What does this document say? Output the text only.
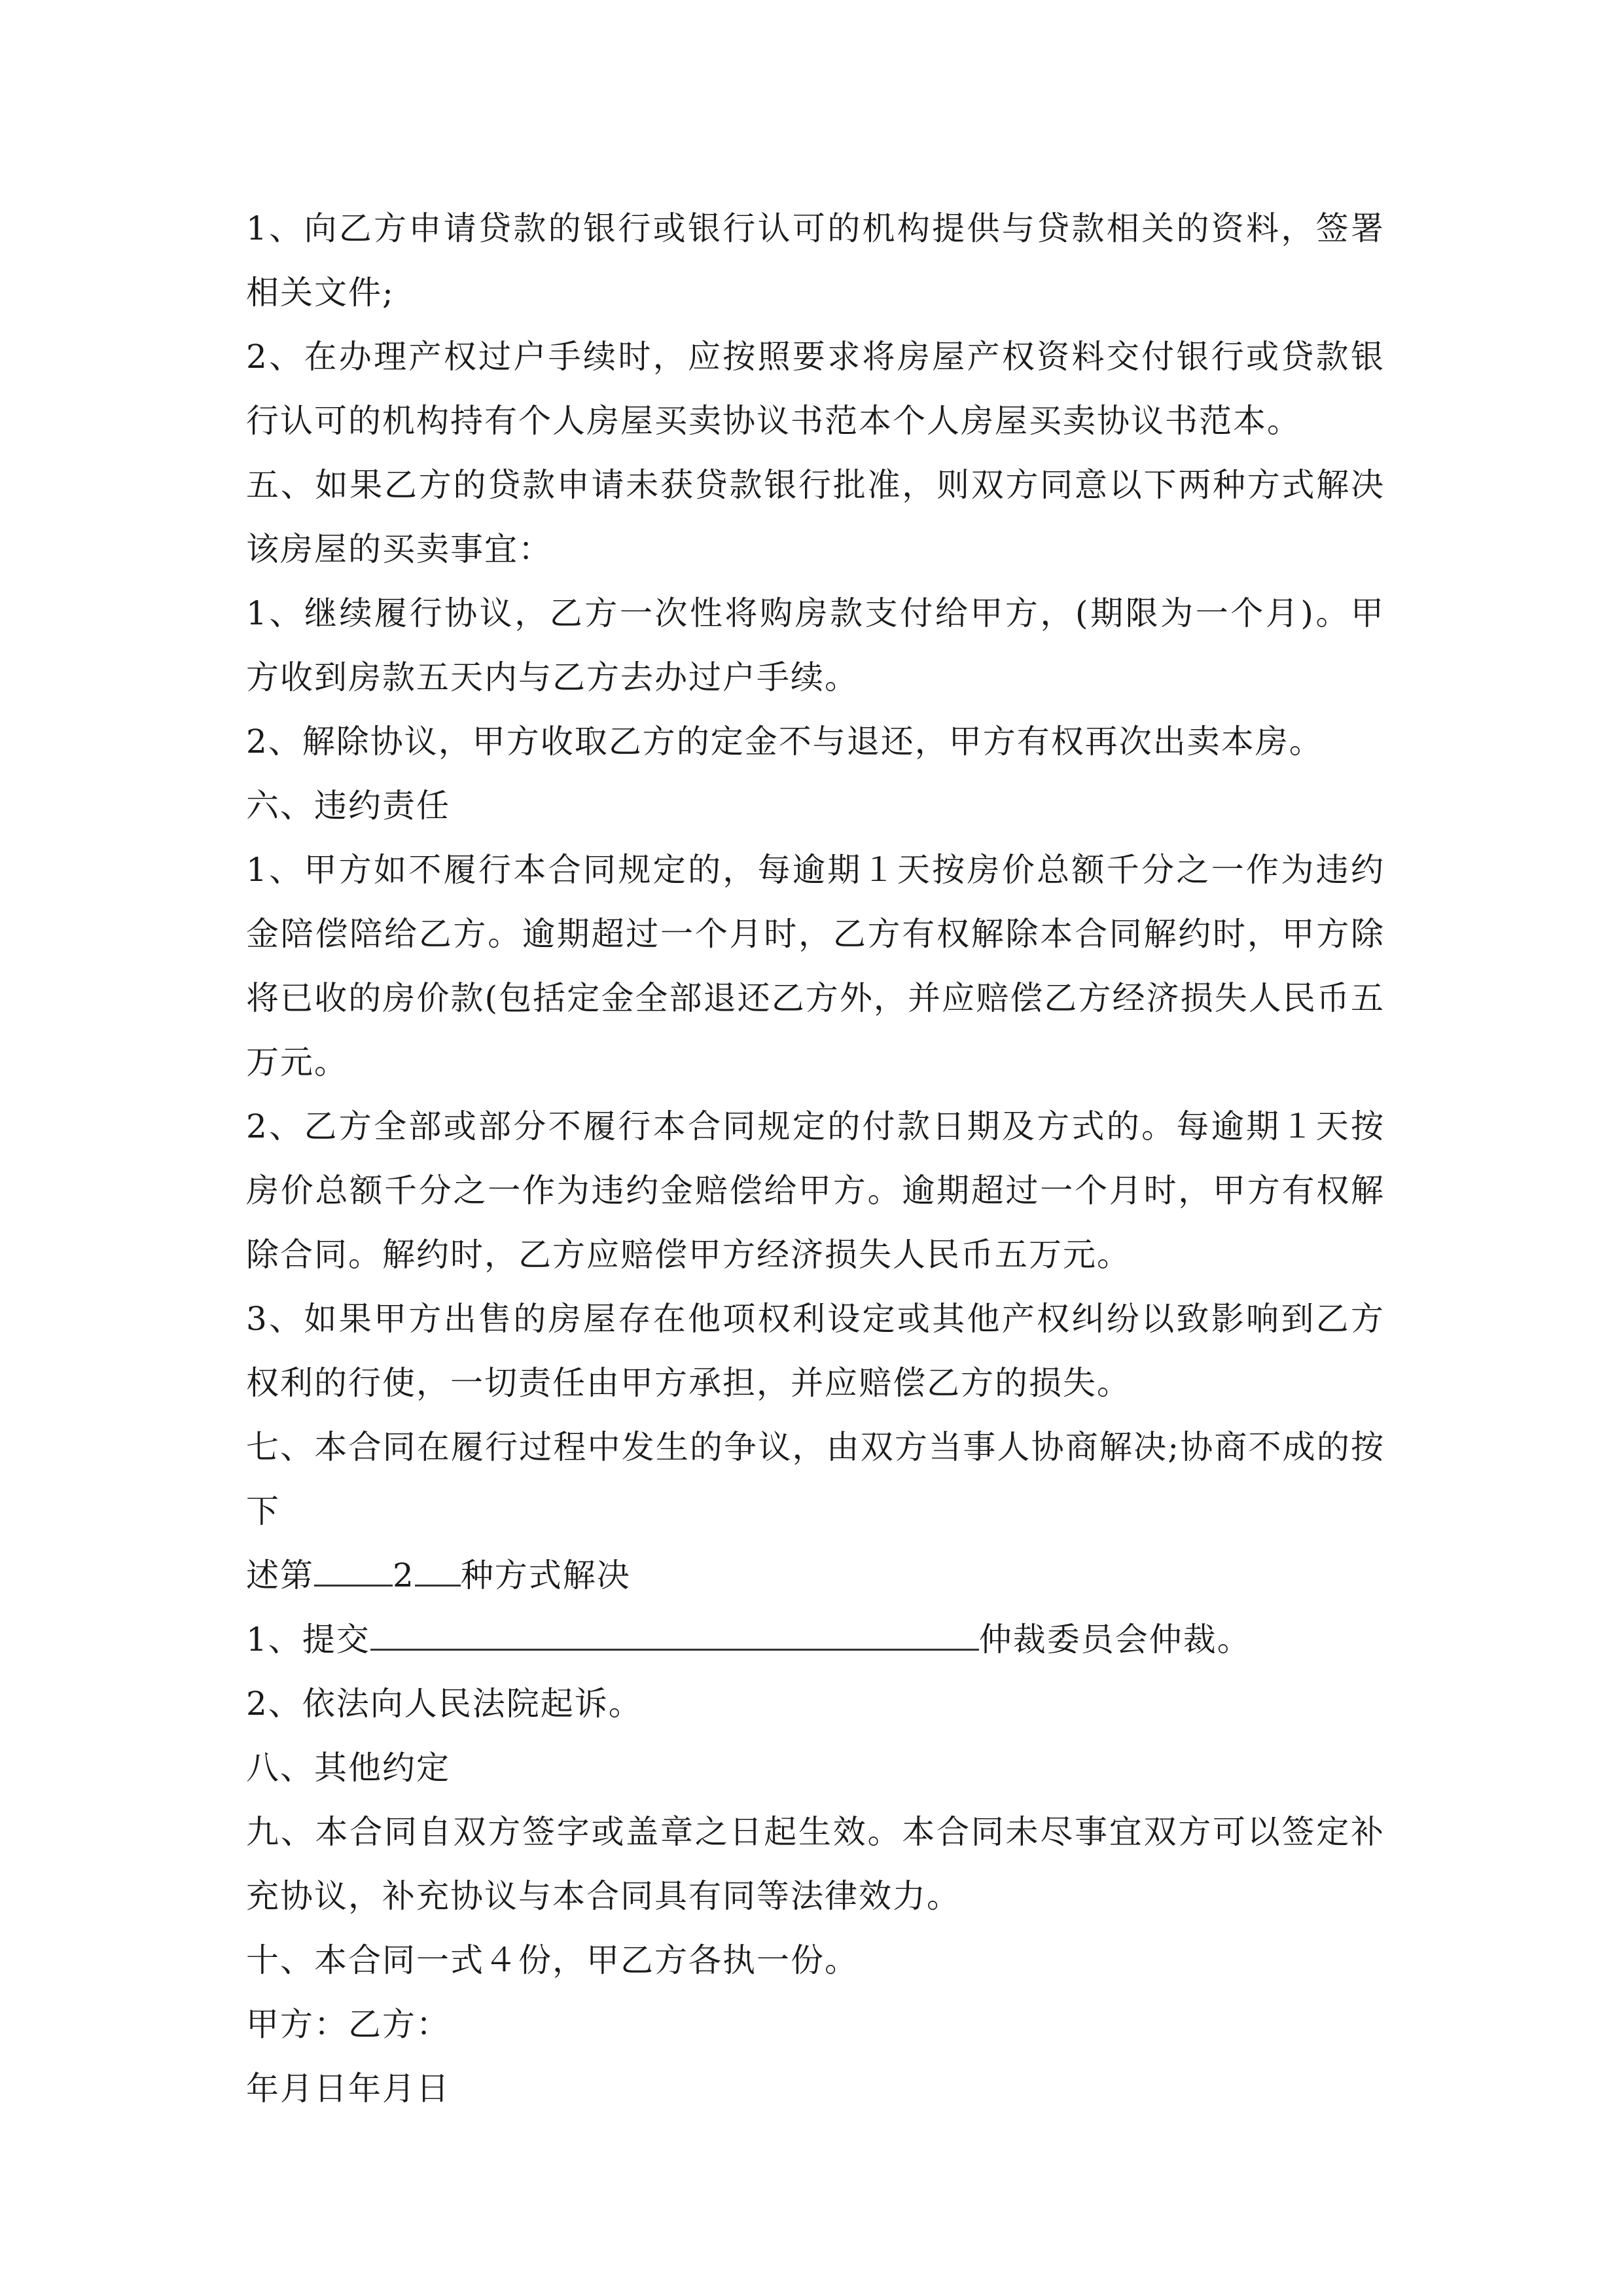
1、向乙方申请贷款的银行或银行认可的机构提供与贷款相关的资料，签署相关文件;

2、在办理产权过户手续时，应按照要求将房屋产权资料交付银行或贷款银行认可的机构持有个人房屋买卖协议书范本个人房屋买卖协议书范本。

五、如果乙方的贷款申请未获贷款银行批准，则双方同意以下两种方式解决该房屋的买卖事宜：

1、继续履行协议，乙方一次性将购房款支付给甲方，(期限为一个月)。甲方收到房款五天内与乙方去办过户手续。

2、解除协议，甲方收取乙方的定金不与退还，甲方有权再次出卖本房。

六、违约责任

1、甲方如不履行本合同规定的，每逾期１天按房价总额千分之一作为违约金陪偿陪给乙方。逾期超过一个月时，乙方有权解除本合同解约时，甲方除将已收的房价款(包括定金全部退还乙方外，并应赔偿乙方经济损失人民币五万元。

2、乙方全部或部分不履行本合同规定的付款日期及方式的。每逾期１天按房价总额千分之一作为违约金赔偿给甲方。逾期超过一个月时，甲方有权解除合同。解约时，乙方应赔偿甲方经济损失人民币五万元。

3、如果甲方出售的房屋存在他项权利设定或其他产权纠纷以致影响到乙方权利的行使，一切责任由甲方承担，并应赔偿乙方的损失。

七、本合同在履行过程中发生的争议，由双方当事人协商解决;协商不成的按下

述第 2 种方式解决

1、提交	仲裁委员会仲裁。

2、依法向人民法院起诉。

八、其他约定

九、本合同自双方签字或盖章之日起生效。本合同未尽事宜双方可以签定补充协议，补充协议与本合同具有同等法律效力。

十、本合同一式４份，甲乙方各执一份。

甲方：乙方：

年月日年月日
